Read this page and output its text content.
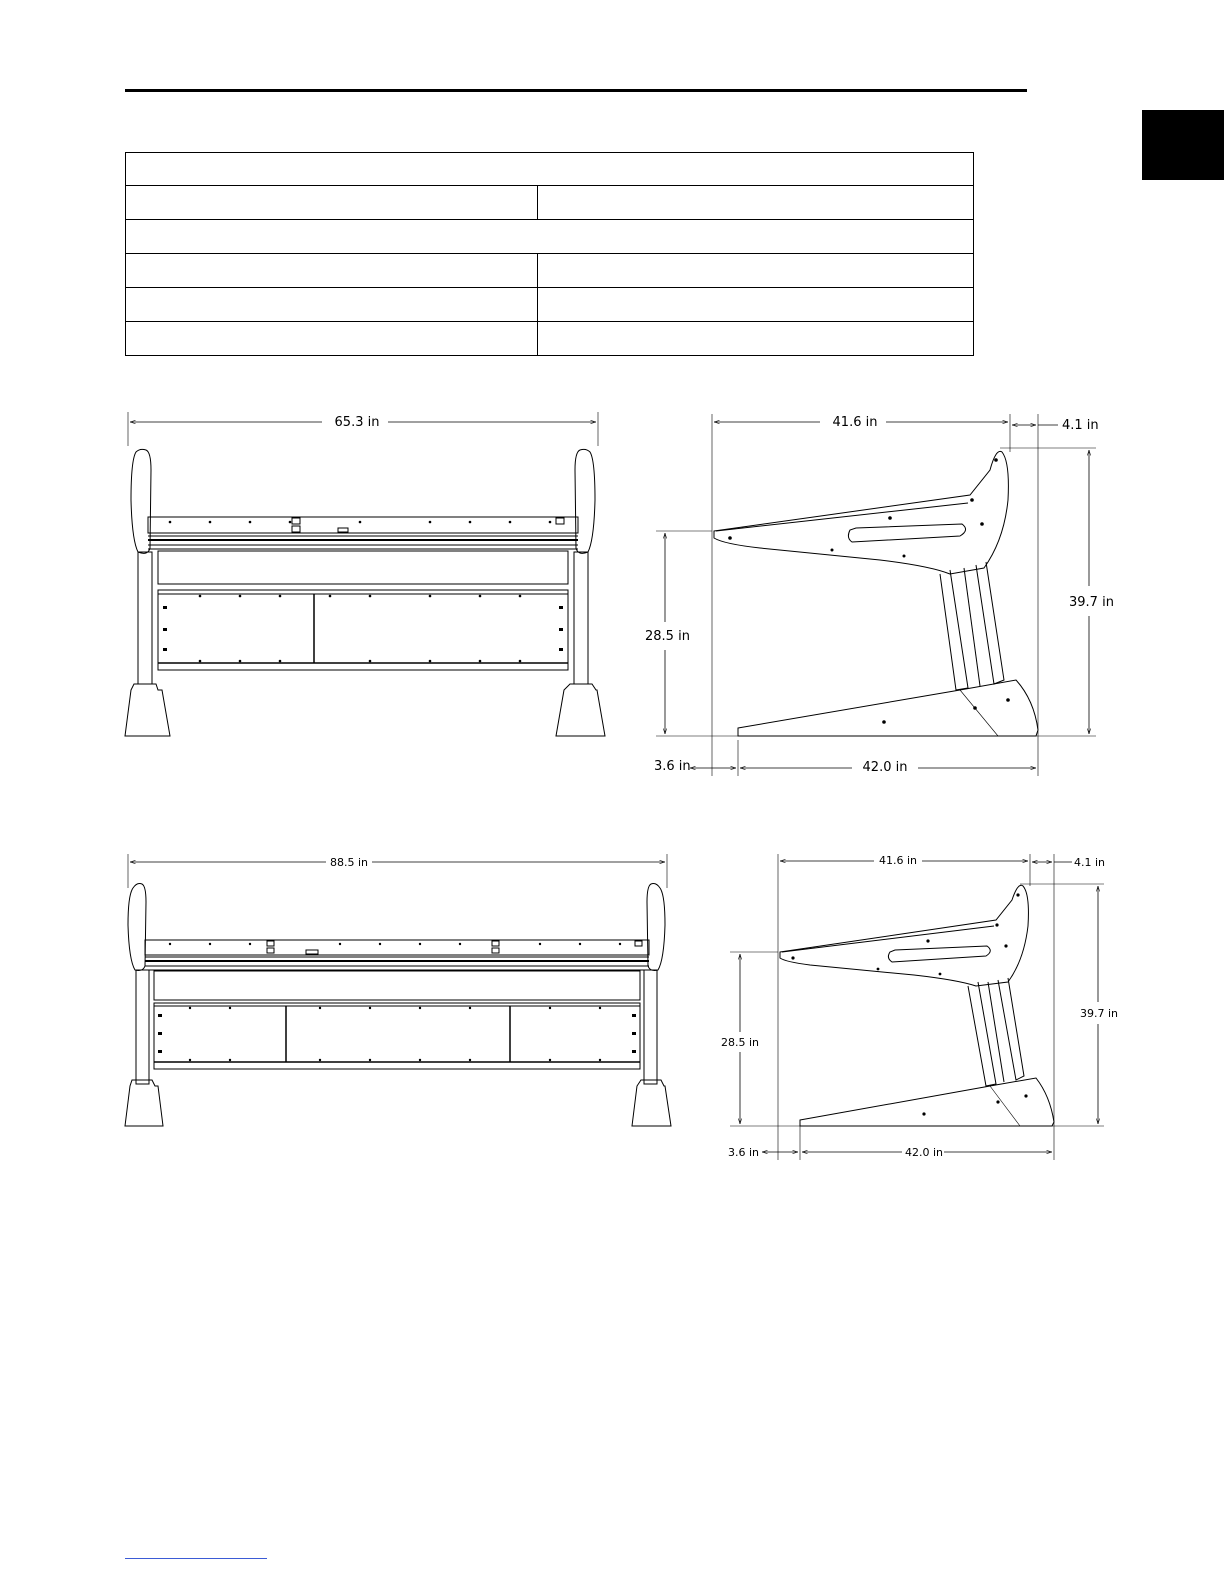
65.3 in	41.6 in	4.1 in
39.7 in
28.5 in
3.6 in	42.0 in
88.5 in	41.6 in	4.1 in
39.7 in
28.5 in
3.6 in	42.0 in
